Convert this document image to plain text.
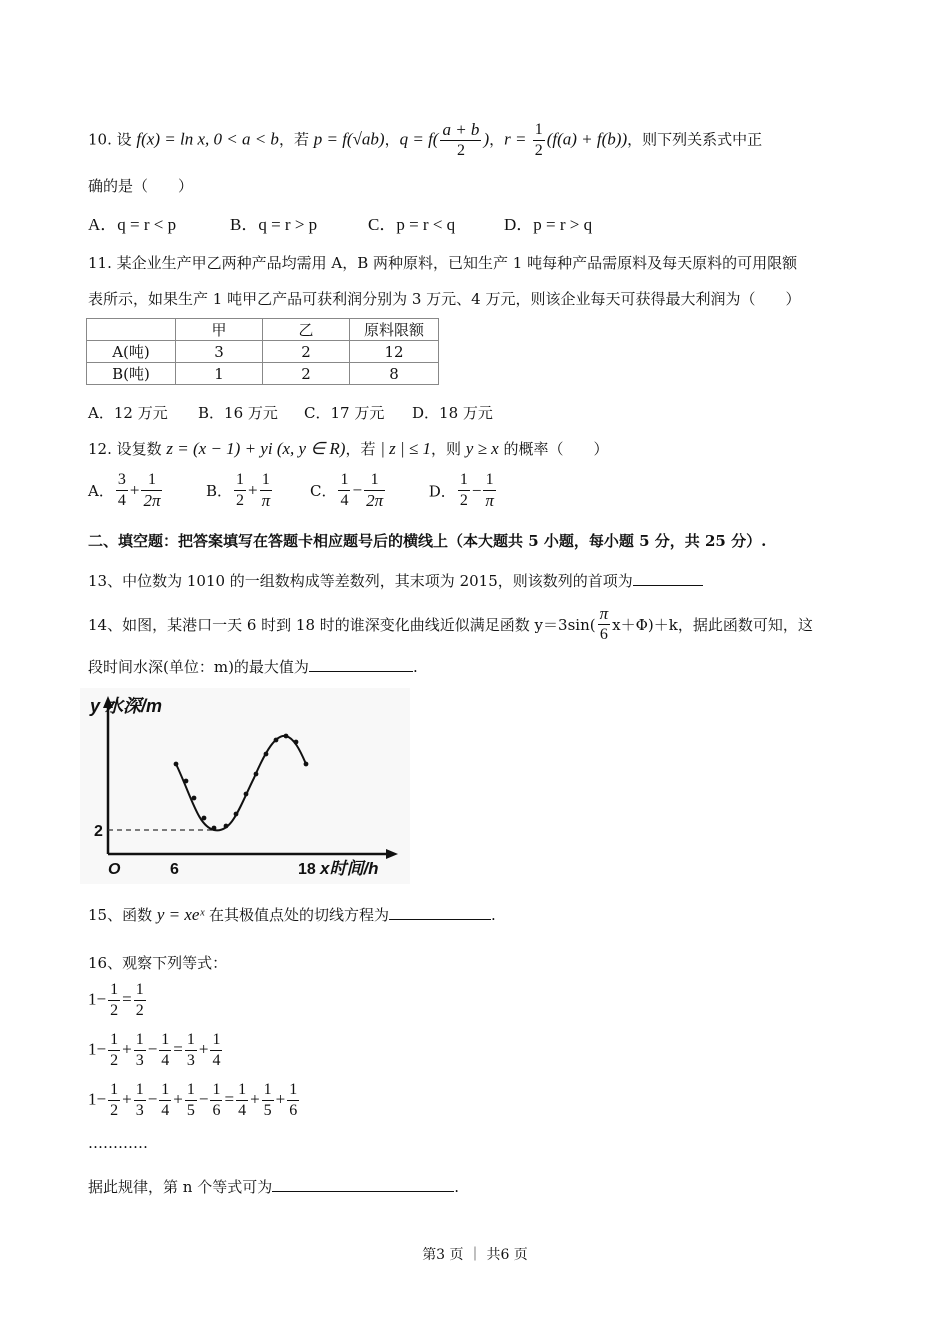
10. 设 f(x) = ln x, 0 < a < b，若 p = f(√ab)，$q = f( \frac{a + b}{2}$ )，$r = \frac{1}{2} (f(a) + f(b))$，则下列关系式中正
确的是（　　）
A．q = r < p	B．q = r > p	C．p = r < q	D．p = r > q
11. 某企业生产甲乙两种产品均需用 A，B 两种原料，已知生产 1 吨每种产品需原料及每天原料的可用限额
表所示，如果生产 1 吨甲乙产品可获利润分别为 3 万元、4 万元，则该企业每天可获得最大利润为（　　）
	甲	乙	原料限额
A(吨)	3	2	12
B(吨)	1	2	8
A．12 万元 B．16 万元 C．17 万元 D．18 万元
12. 设复数 z = (x − 1) + yi (x, y ∈ R)，若 | z | ≤ 1，则 y ≥ x 的概率（　　）
A． $\frac{3}{4} + \frac{1}{2\pi}$	B． $\frac{1}{2} + \frac{1}{\pi}$	C． $\frac{1}{4} - \frac{1}{2\pi}$	D． $\frac{1}{2} - \frac{1}{\pi}$
二、填空题：把答案填写在答题卡相应题号后的横线上（本大题共 5 小题，每小题 5 分，共 25 分）.
13、中位数为 1010 的一组数构成等差数列，其末项为 2015，则该数列的首项为
14、如图，某港口一天 6 时到 18 时的谁深变化曲线近似满足函数 $y=3\sin( \frac{\pi}{6} x+\Phi)+k$，据此函数可知，这
段时间水深(单位：m)的最大值为	.
y 水深/m
x时间/h
O	6	18
2
15、函数 y = xeˣ 在其极值点处的切线方程为	.
16、观察下列等式：
$1- \frac{1}{2} = \frac{1}{2}$
$1- \frac{1}{2} + \frac{1}{3} - \frac{1}{4} = \frac{1}{3} + \frac{1}{4}$
$1- \frac{1}{2} + \frac{1}{3} - \frac{1}{4} + \frac{1}{5} - \frac{1}{6} = \frac{1}{4} + \frac{1}{5} + \frac{1}{6}$
…………
据此规律，第 n 个等式可为	.
第3 页 ｜ 共6 页
